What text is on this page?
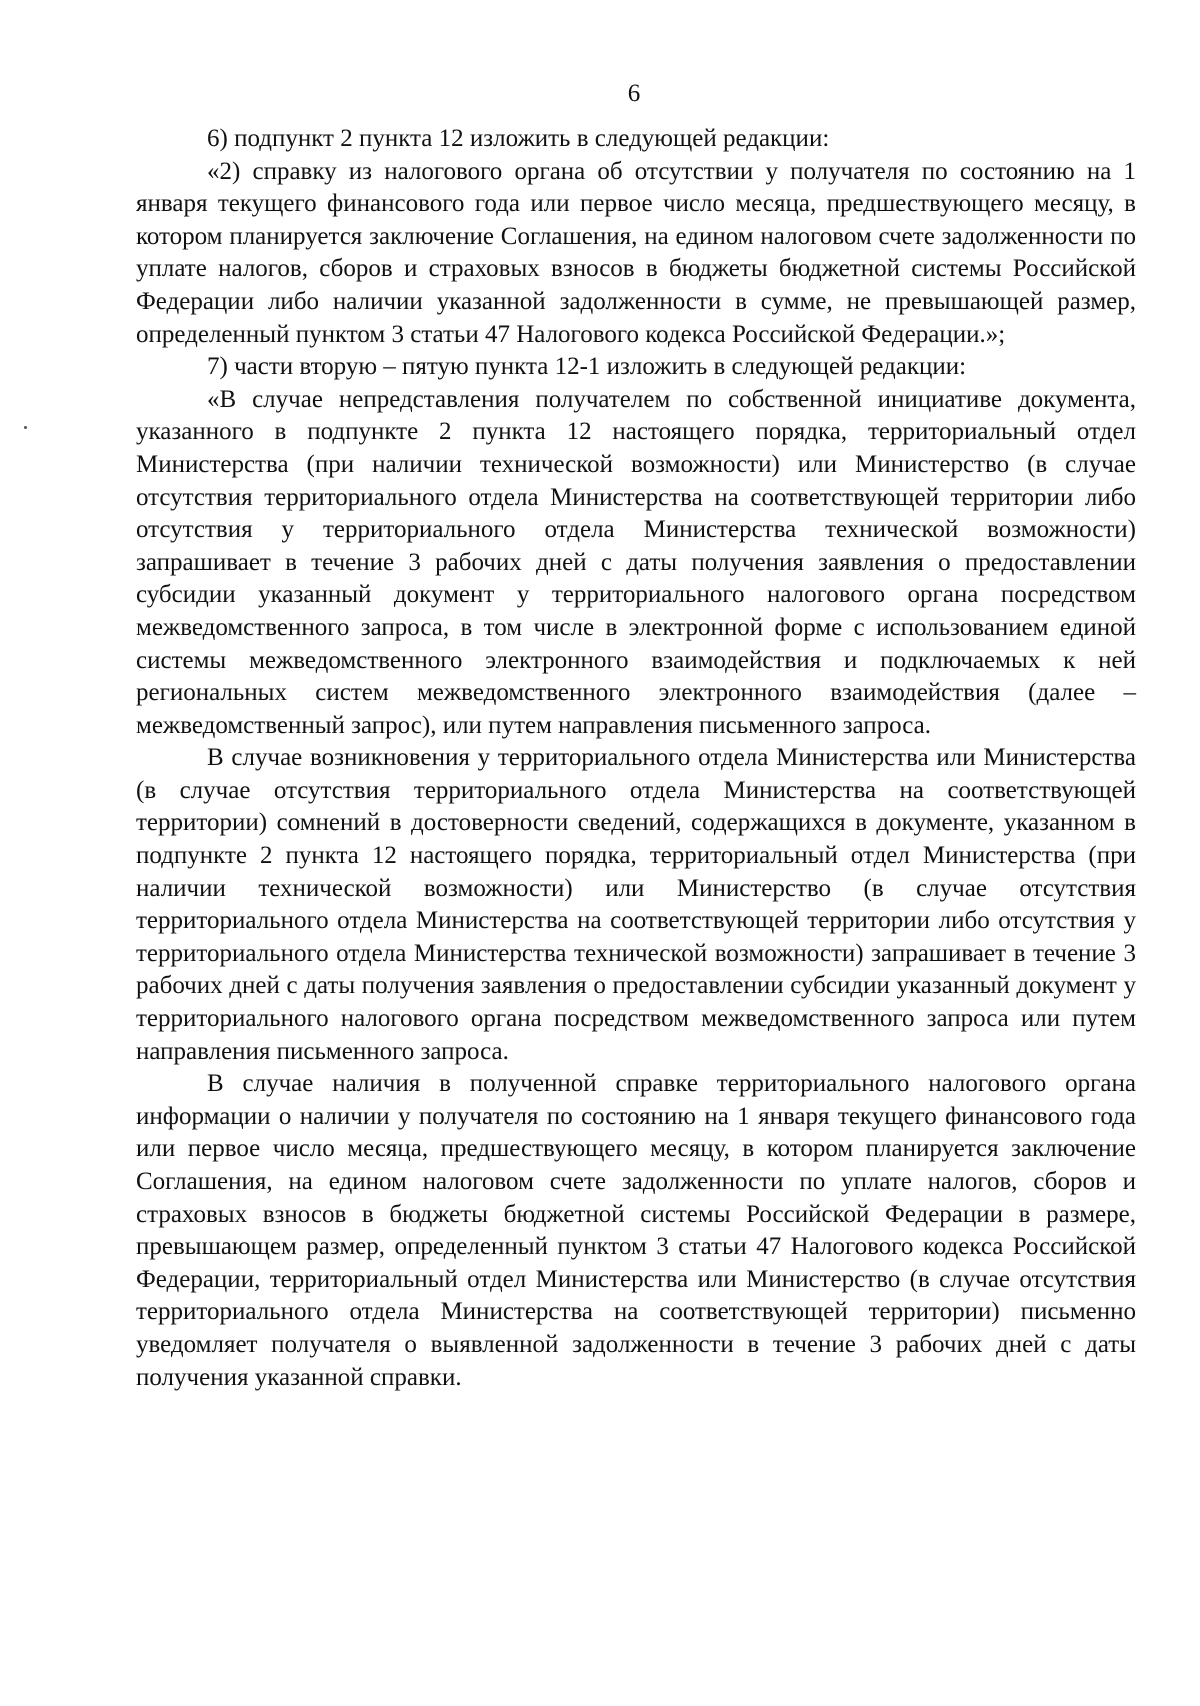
6

6) подпункт 2 пункта 12 изложить в следующей редакции:

«2) справку из налогового органа об отсутствии у получателя по состоянию на 1 января текущего финансового года или первое число месяца, предшествующего месяцу, в котором планируется заключение Соглашения, на едином налоговом счете задолженности по уплате налогов, сборов и страховых взносов в бюджеты бюджетной системы Российской Федерации либо наличии указанной задолженности в сумме, не превышающей размер, определенный пунктом 3 статьи 47 Налогового кодекса Российской Федерации.»;

7) части вторую – пятую пункта 12-1 изложить в следующей редакции:

«В случае непредставления получателем по собственной инициативе документа, указанного в подпункте 2 пункта 12 настоящего порядка, территориальный отдел Министерства (при наличии технической возможности) или Министерство (в случае отсутствия территориального отдела Министерства на соответствующей территории либо отсутствия у территориального отдела Министерства технической возможности) запрашивает в течение 3 рабочих дней с даты получения заявления о предоставлении субсидии указанный документ у территориального налогового органа посредством межведомственного запроса, в том числе в электронной форме с использованием единой системы межведомственного электронного взаимодействия и подключаемых к ней региональных систем межведомственного электронного взаимодействия (далее – межведомственный запрос), или путем направления письменного запроса.

В случае возникновения у территориального отдела Министерства или Министерства (в случае отсутствия территориального отдела Министерства на соответствующей территории) сомнений в достоверности сведений, содержащихся в документе, указанном в подпункте 2 пункта 12 настоящего порядка, территориальный отдел Министерства (при наличии технической возможности) или Министерство (в случае отсутствия территориального отдела Министерства на соответствующей территории либо отсутствия у территориального отдела Министерства технической возможности) запрашивает в течение 3 рабочих дней с даты получения заявления о предоставлении субсидии указанный документ у территориального налогового органа посредством межведомственного запроса или путем направления письменного запроса.

В случае наличия в полученной справке территориального налогового органа информации о наличии у получателя по состоянию на 1 января текущего финансового года или первое число месяца, предшествующего месяцу, в котором планируется заключение Соглашения, на едином налоговом счете задолженности по уплате налогов, сборов и страховых взносов в бюджеты бюджетной системы Российской Федерации в размере, превышающем размер, определенный пунктом 3 статьи 47 Налогового кодекса Российской Федерации, территориальный отдел Министерства или Министерство (в случае отсутствия территориального отдела Министерства на соответствующей территории) письменно уведомляет получателя о выявленной задолженности в течение 3 рабочих дней с даты получения указанной справки.
